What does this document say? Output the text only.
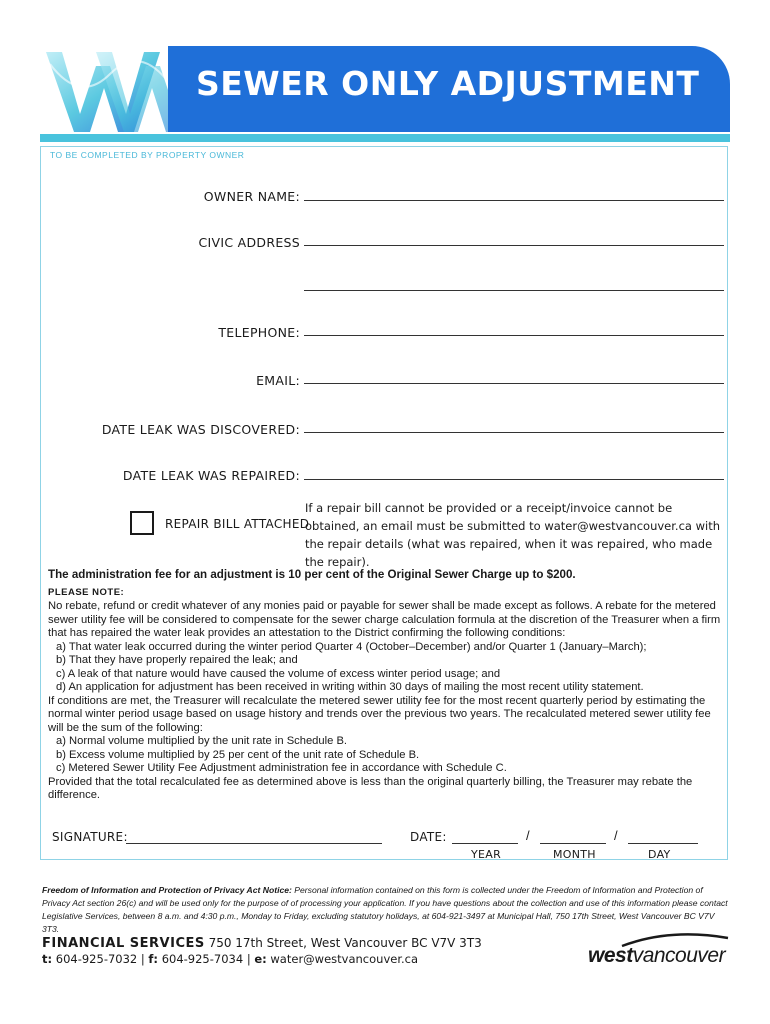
SEWER ONLY ADJUSTMENT
TO BE COMPLETED BY PROPERTY OWNER
OWNER NAME:
CIVIC ADDRESS
TELEPHONE:
EMAIL:
DATE LEAK WAS DISCOVERED:
DATE LEAK WAS REPAIRED:
REPAIR BILL ATTACHED
If a repair bill cannot be provided or a receipt/invoice cannot be obtained, an email must be submitted to water@westvancouver.ca with the repair details (what was repaired, when it was repaired, who made the repair).
The administration fee for an adjustment is 10 per cent of the Original Sewer Charge up to $200.
PLEASE NOTE:

No rebate, refund or credit whatever of any monies paid or payable for sewer shall be made except as follows. A rebate for the metered sewer utility fee will be considered to compensate for the sewer charge calculation formula at the discretion of the Treasurer when a firm that has repaired the water leak provides an attestation to the District confirming the following conditions:

a) That water leak occurred during the winter period Quarter 4 (October–December) and/or Quarter 1 (January–March);

b) That they have properly repaired the leak; and

c) A leak of that nature would have caused the volume of excess winter period usage; and

d) An application for adjustment has been received in writing within 30 days of mailing the most recent utility statement.

If conditions are met, the Treasurer will recalculate the metered sewer utility fee for the most recent quarterly period by estimating the normal winter period usage based on usage history and trends over the previous two years. The recalculated metered sewer utility fee will be the sum of the following:

a) Normal volume multiplied by the unit rate in Schedule B.

b) Excess volume multiplied by 25 per cent of the unit rate of Schedule B.

c) Metered Sewer Utility Fee Adjustment administration fee in accordance with Schedule C.

Provided that the total recalculated fee as determined above is less than the original quarterly billing, the Treasurer may rebate the difference.

SIGNATURE:	DATE:	/	/
YEAR	MONTH	DAY
Freedom of Information and Protection of Privacy Act Notice: Personal information contained on this form is collected under the Freedom of Information and Protection of Privacy Act section 26(c) and will be used only for the purpose of of processing your application. If you have questions about the collection and use of this information please contact Legislative Services, between 8 a.m. and 4:30 p.m., Monday to Friday, excluding statutory holidays, at 604-921-3497 at Municipal Hall, 750 17th Street, West Vancouver BC V7V 3T3.
FINANCIAL SERVICES 750 17th Street, West Vancouver BC V7V 3T3
t: 604-925-7032 | f: 604-925-7034 | e: water@westvancouver.ca	westvancouver
